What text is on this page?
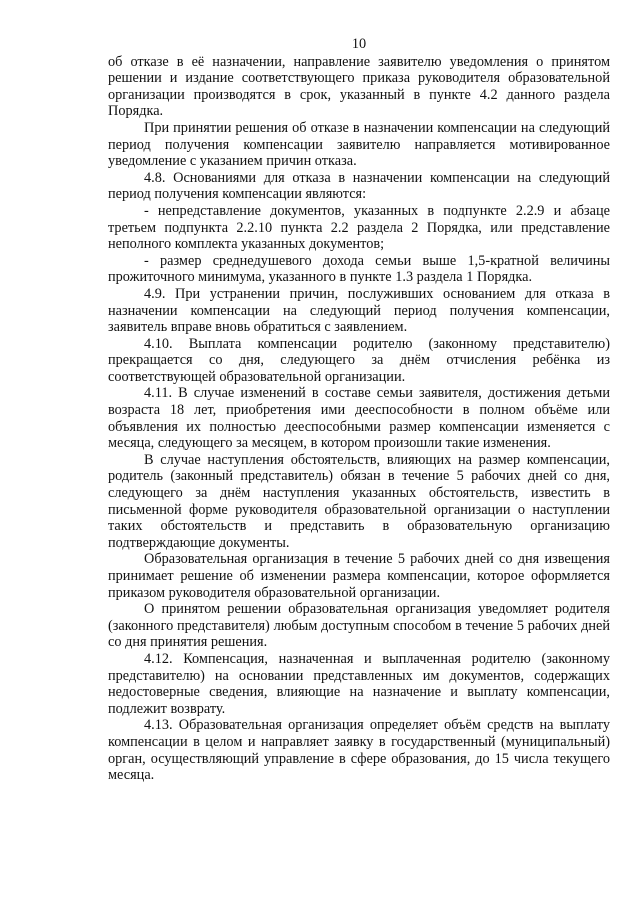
10

об отказе в её назначении, направление заявителю уведомления о принятом решении и издание соответствующего приказа руководителя образовательной организации производятся в срок, указанный в пункте 4.2 данного раздела Порядка.

При принятии решения об отказе в назначении компенсации на следующий период получения компенсации заявителю направляется мотивированное уведомление с указанием причин отказа.

4.8. Основаниями для отказа в назначении компенсации на следующий период получения компенсации являются:

- непредставление документов, указанных в подпункте 2.2.9 и абзаце третьем подпункта 2.2.10 пункта 2.2 раздела 2 Порядка, или представление неполного комплекта указанных документов;

- размер среднедушевого дохода семьи выше 1,5-кратной величины прожиточного минимума, указанного в пункте 1.3 раздела 1 Порядка.

4.9. При устранении причин, послуживших основанием для отказа в назначении компенсации на следующий период получения компенсации, заявитель вправе вновь обратиться с заявлением.

4.10. Выплата компенсации родителю (законному представителю) прекращается со дня, следующего за днём отчисления ребёнка из соответствующей образовательной организации.

4.11. В случае изменений в составе семьи заявителя, достижения детьми возраста 18 лет, приобретения ими дееспособности в полном объёме или объявления их полностью дееспособными размер компенсации изменяется с месяца, следующего за месяцем, в котором произошли такие изменения.

В случае наступления обстоятельств, влияющих на размер компенсации, родитель (законный представитель) обязан в течение 5 рабочих дней со дня, следующего за днём наступления указанных обстоятельств, известить в письменной форме руководителя образовательной организации о наступлении таких обстоятельств и представить в образовательную организацию подтверждающие документы.

Образовательная организация в течение 5 рабочих дней со дня извещения принимает решение об изменении размера компенсации, которое оформляется приказом руководителя образовательной организации.

О принятом решении образовательная организация уведомляет родителя (законного представителя) любым доступным способом в течение 5 рабочих дней со дня принятия решения.

4.12. Компенсация, назначенная и выплаченная родителю (законному представителю) на основании представленных им документов, содержащих недостоверные сведения, влияющие на назначение и выплату компенсации, подлежит возврату.

4.13. Образовательная организация определяет объём средств на выплату компенсации в целом и направляет заявку в государственный (муниципальный) орган, осуществляющий управление в сфере образования, до 15 числа текущего месяца.
